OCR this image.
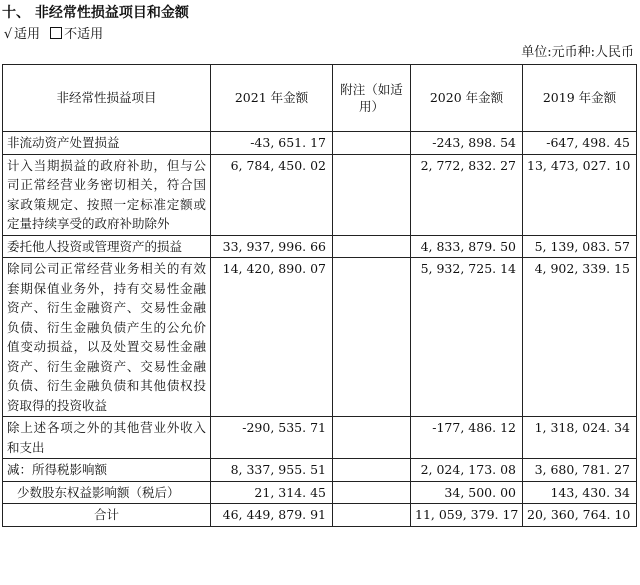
十、 非经常性损益项目和金额
√ 适用 不适用
单位:元币种:人民币
非经常性损益项目	2021 年金额	附注（如适用）	2020 年金额	2019 年金额
非流动资产处置损益	-43, 651. 17		-243, 898. 54	-647, 498. 45
计入当期损益的政府补助，但与公司正常经营业务密切相关，符合国家政策规定、按照一定标准定额或定量持续享受的政府补助除外	6, 784, 450. 02		2, 772, 832. 27	13, 473, 027. 10
委托他人投资或管理资产的损益	33, 937, 996. 66		4, 833, 879. 50	5, 139, 083. 57
除同公司正常经营业务相关的有效套期保值业务外，持有交易性金融资产、衍生金融资产、交易性金融负债、衍生金融负债产生的公允价值变动损益，以及处置交易性金融资产、衍生金融资产、交易性金融负债、衍生金融负债和其他债权投资取得的投资收益	14, 420, 890. 07		5, 932, 725. 14	4, 902, 339. 15
除上述各项之外的其他营业外收入和支出	-290, 535. 71		-177, 486. 12	1, 318, 024. 34
减：所得税影响额	8, 337, 955. 51		2, 024, 173. 08	3, 680, 781. 27
少数股东权益影响额（税后）	21, 314. 45		34, 500. 00	143, 430. 34
合计	46, 449, 879. 91		11, 059, 379. 17	20, 360, 764. 10
